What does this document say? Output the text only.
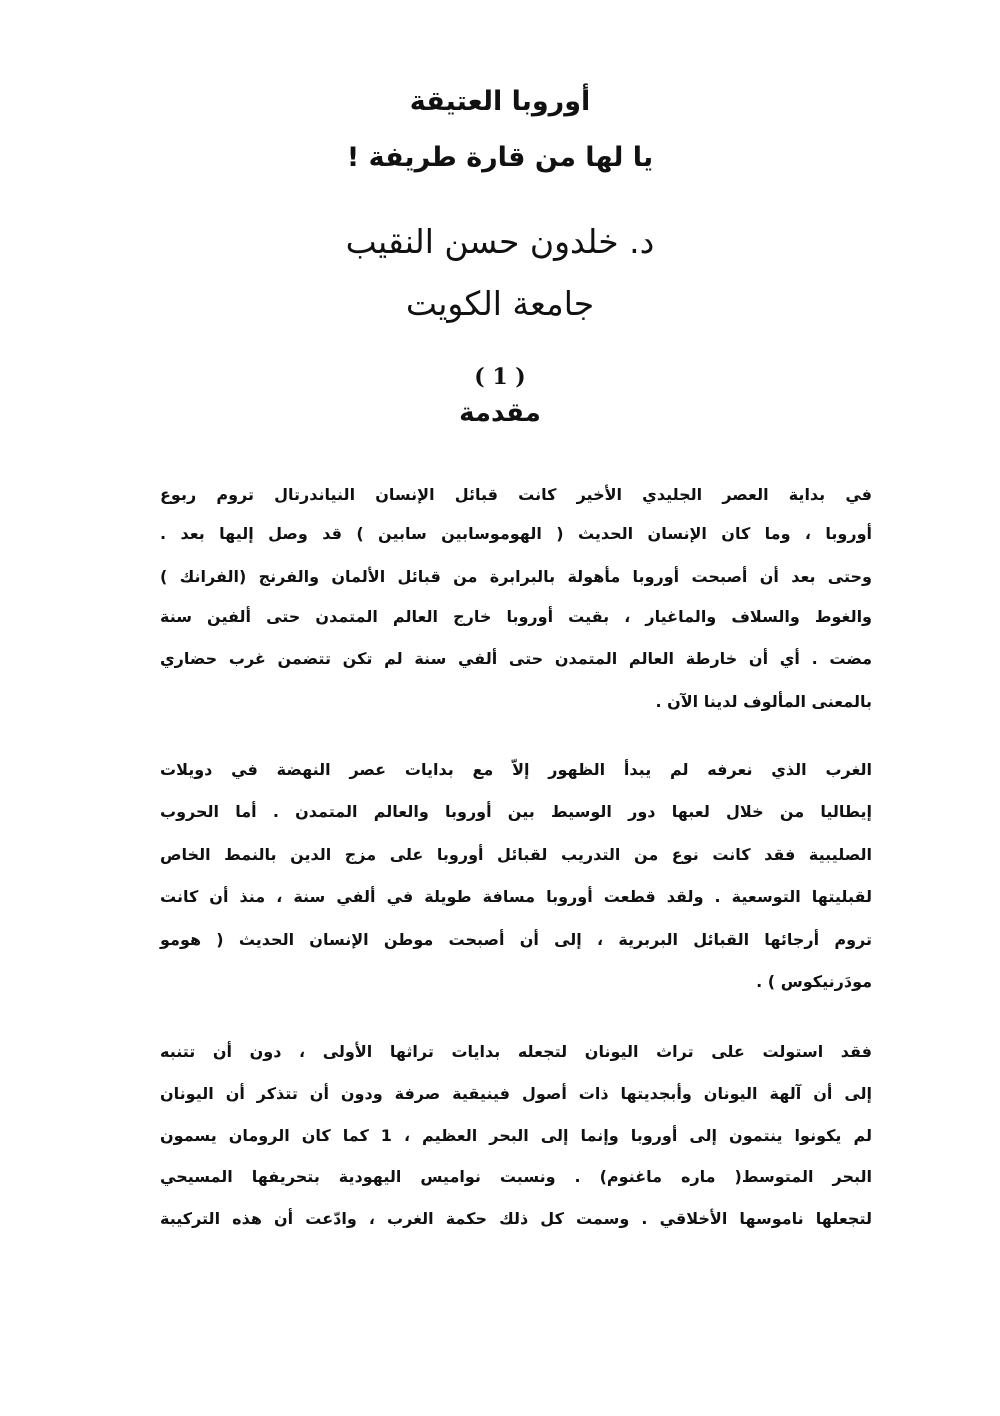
أوروبا العتيقة
يا لها من قارة طريفة !
د. خلدون حسن النقيب
جامعة الكويت
( 1 )
مقدمة
في بداية العصر الجليدي الأخير كانت قبائل الإنسان النياندرتال تروم ربوع
أوروبا ، وما كان الإنسان الحديث ( الهوموسابين سابين ) قد وصل إليها بعد .
وحتى بعد أن أصبحت أوروبا مأهولة بالبرابرة من قبائل الألمان والفرنج (الفرانك )
والغوط والسلاف والماغيار ، بقيت أوروبا خارج العالم المتمدن حتى ألفين سنة
مضت . أي أن خارطة العالم المتمدن حتى ألفي سنة لم تكن تتضمن غرب حضاري
بالمعنى المألوف لدينا الآن .
الغرب الذي نعرفه لم يبدأ الظهور إلاّ مع بدايات عصر النهضة في دويلات
إيطاليا من خلال لعبها دور الوسيط بين أوروبا والعالم المتمدن . أما الحروب
الصليبية فقد كانت نوع من التدريب لقبائل أوروبا على مزج الدين بالنمط الخاص
لقبليتها التوسعية . ولقد قطعت أوروبا مسافة طويلة في ألفي سنة ، منذ أن كانت
تروم أرجائها القبائل البربرية ، إلى أن أصبحت موطن الإنسان الحديث ( هومو
مودَرنيكوس ) .
فقد استولت على تراث اليونان لتجعله بدايات تراثها الأولى ، دون أن تتنبه
إلى أن آلهة اليونان وأبجديتها ذات أصول فينيقية صرفة ودون أن تتذكر أن اليونان
لم يكونوا ينتمون إلى أوروبا وإنما إلى البحر العظيم ، 1 كما كان الرومان يسمون
البحر المتوسط( ماره ماغنوم) . ونسبت نواميس اليهودية بتحريفها المسيحي
لتجعلها ناموسها الأخلاقي . وسمت كل ذلك حكمة الغرب ، وادّعت أن هذه التركيبة
